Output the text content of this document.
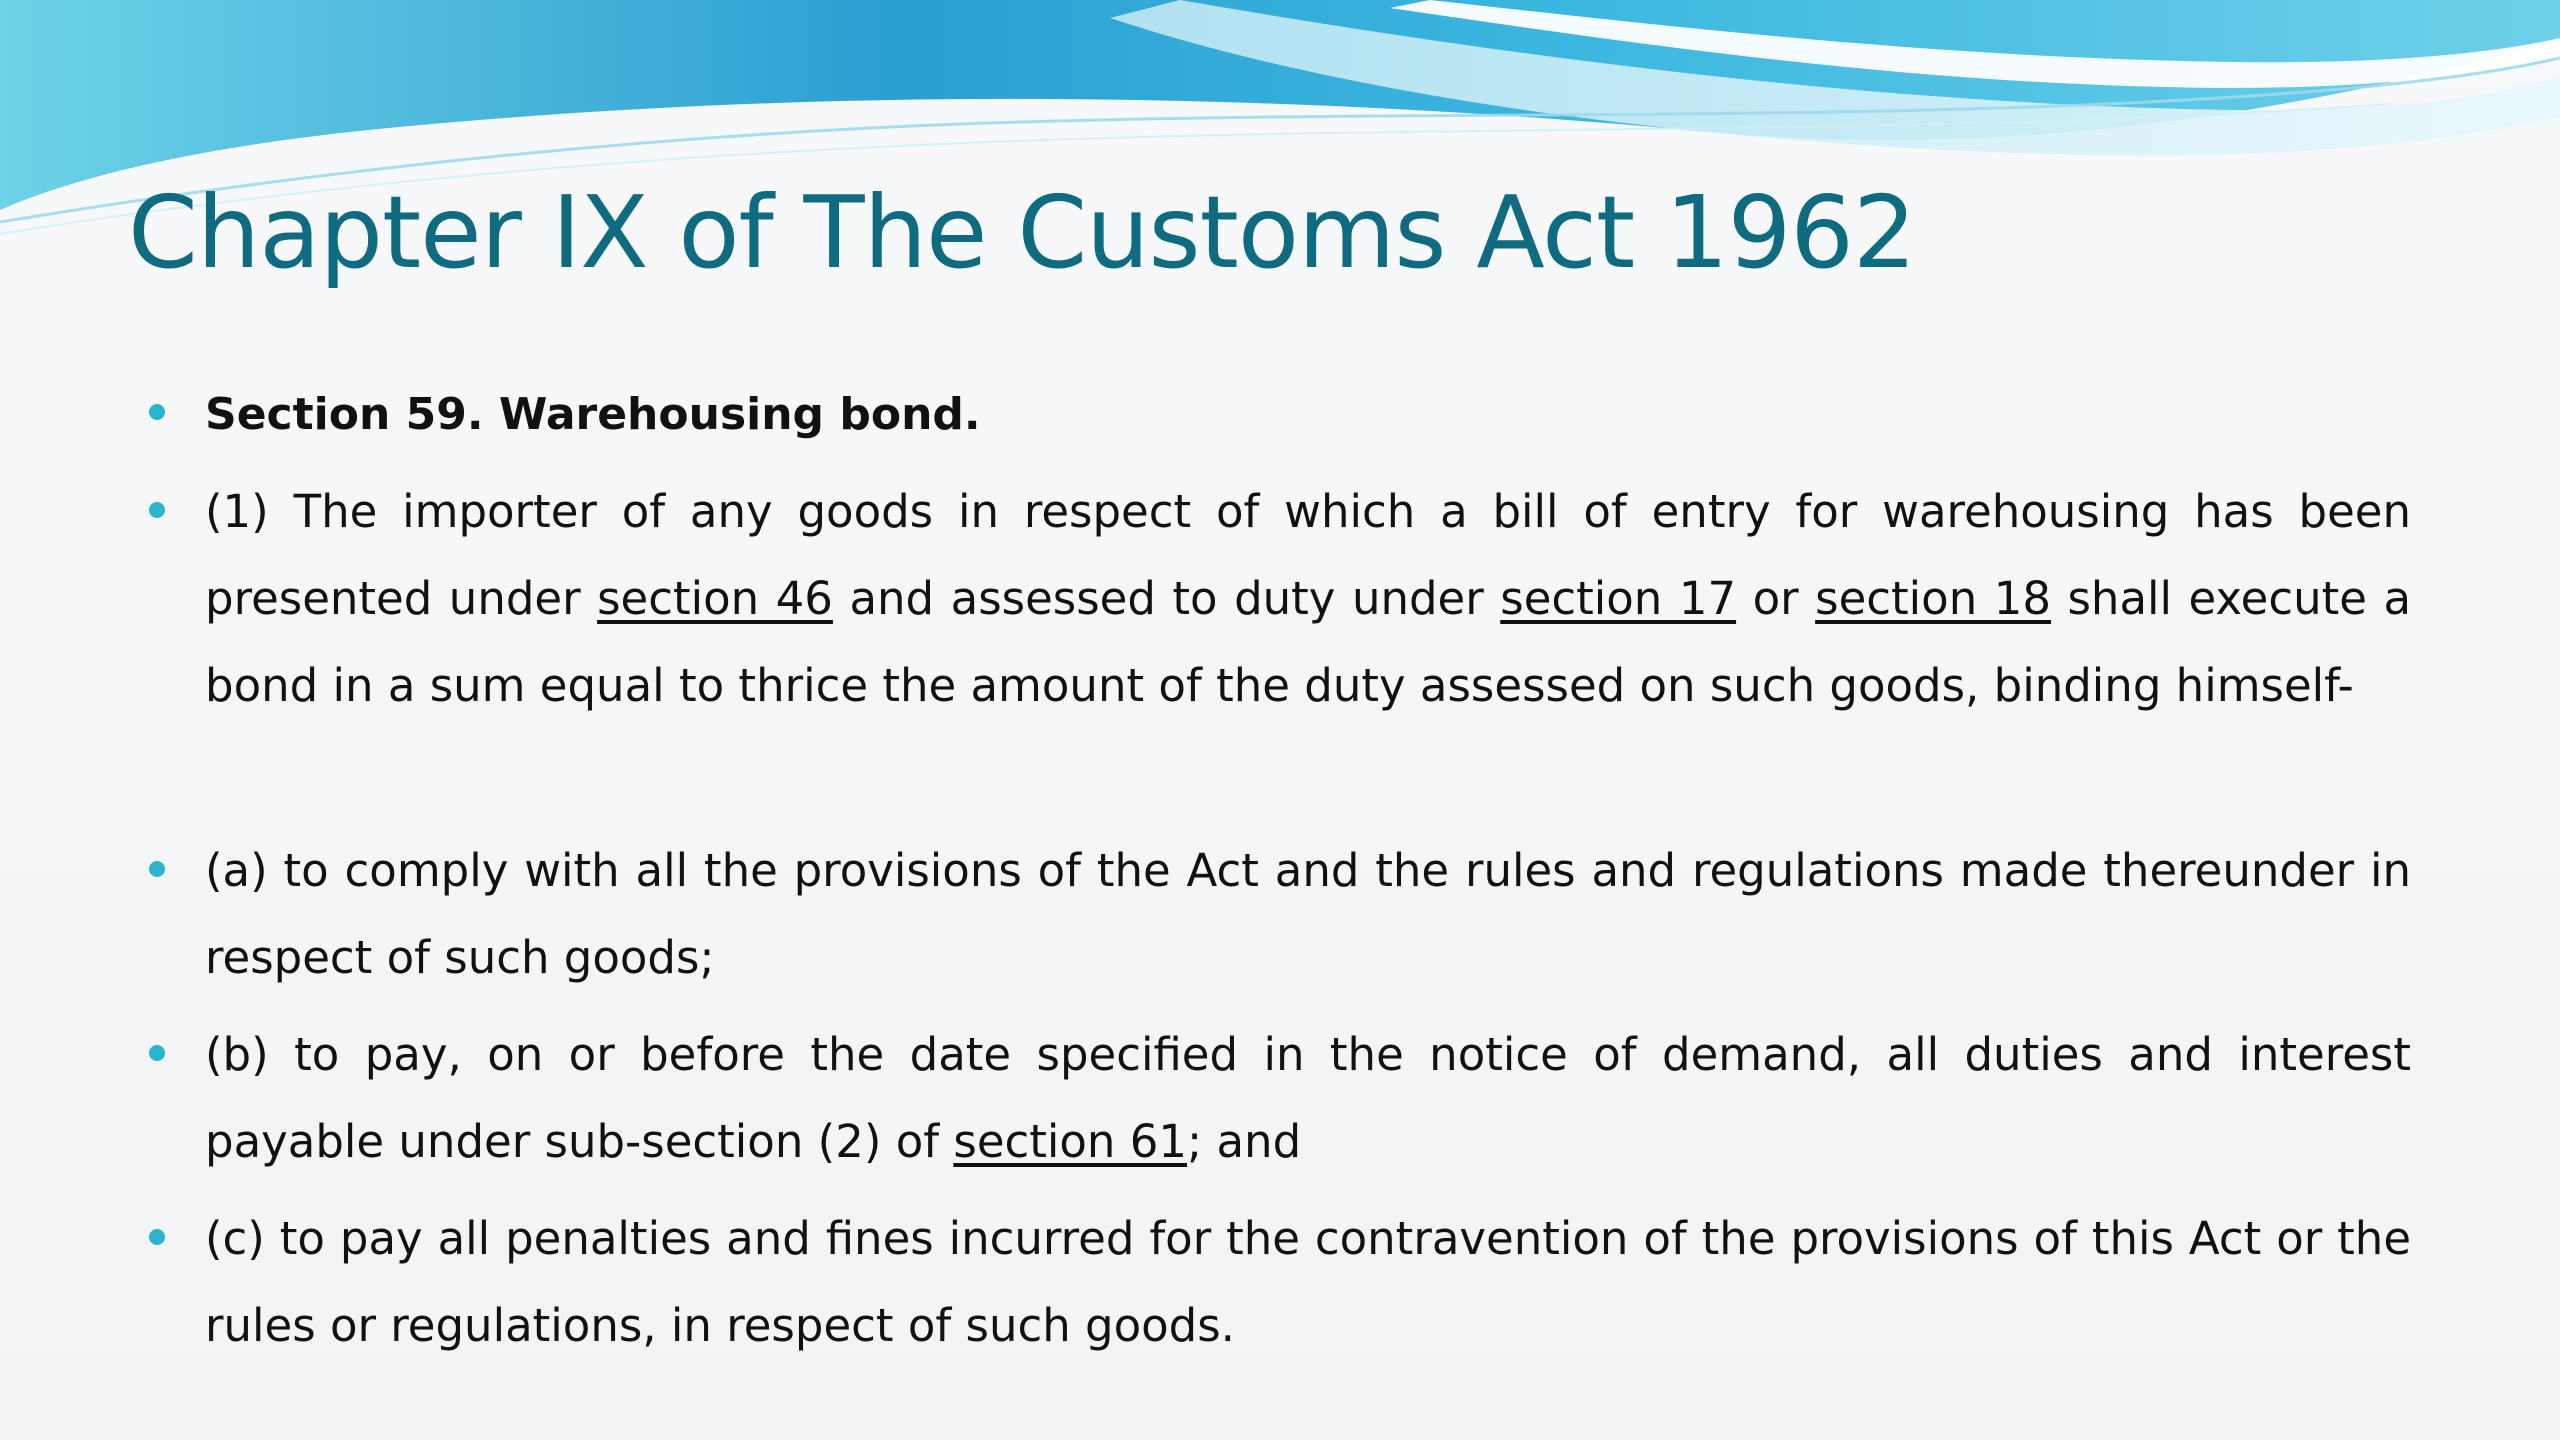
Chapter IX of The Customs Act 1962
Section 59. Warehousing bond.
(1) The importer of any goods in respect of which a bill of entry for warehousing has been presented under section 46 and assessed to duty under section 17 or section 18 shall execute a bond in a sum equal to thrice the amount of the duty assessed on such goods, binding himself-
(a) to comply with all the provisions of the Act and the rules and regulations made thereunder in respect of such goods;
(b) to pay, on or before the date specified in the notice of demand, all duties and interest payable under sub-section (2) of section 61; and
(c) to pay all penalties and fines incurred for the contravention of the provisions of this Act or the rules or regulations, in respect of such goods.
